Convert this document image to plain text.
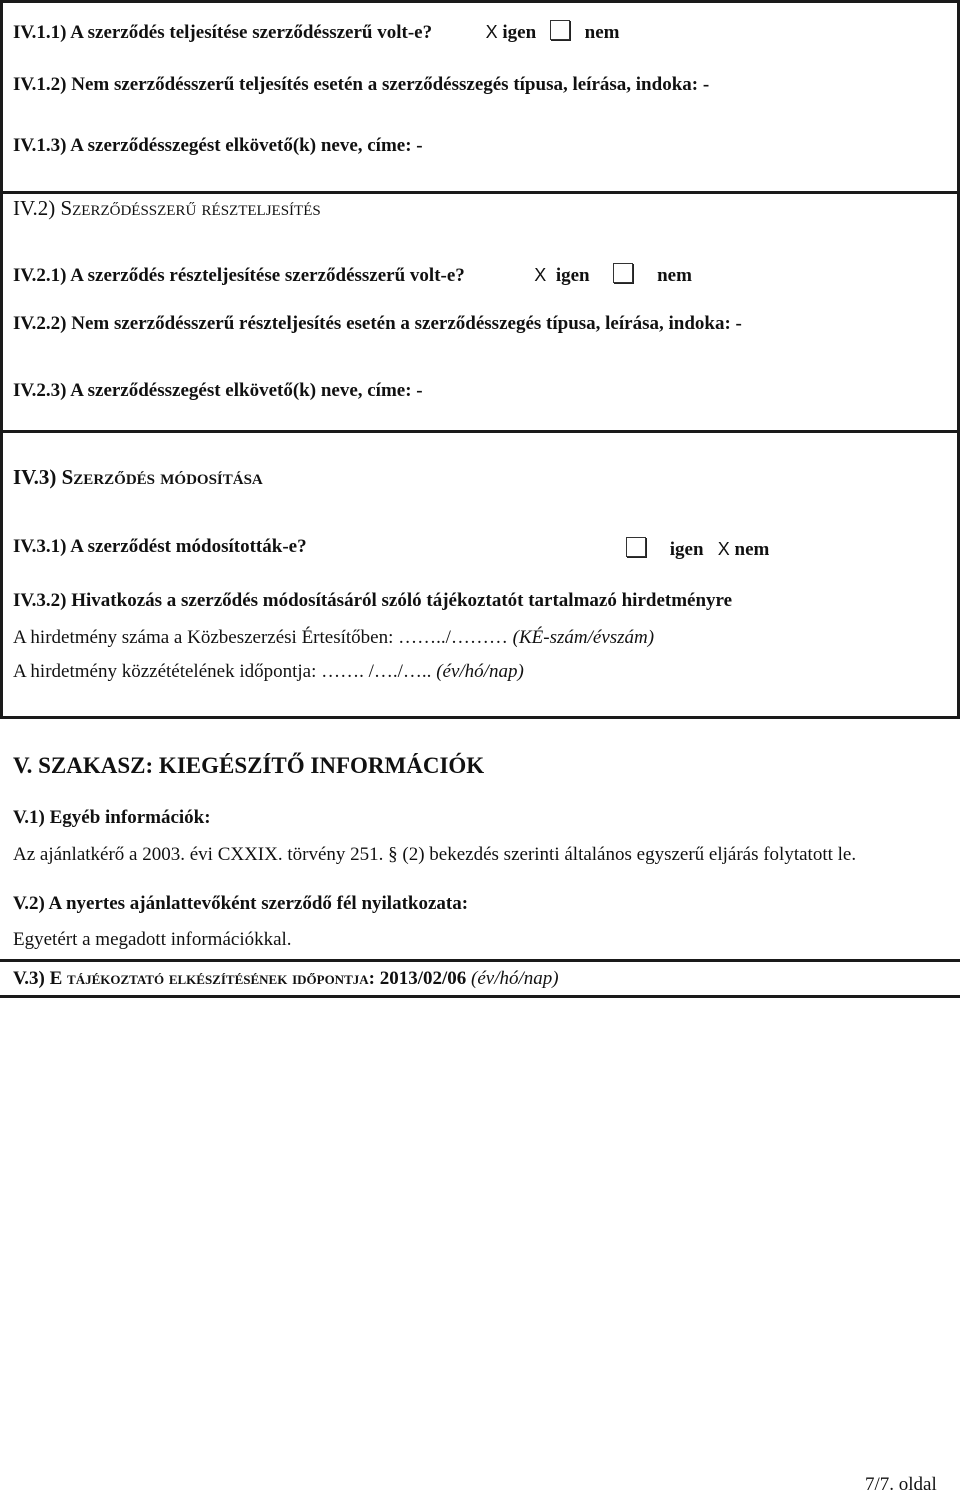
IV.1.1) A szerződés teljesítése szerződésszerű volt-e?	X igen	nem
IV.1.2) Nem szerződésszerű teljesítés esetén a szerződésszegés típusa, leírása, indoka: -
IV.1.3) A szerződésszegést elkövető(k) neve, címe: -
IV.2) Szerződésszerű részteljesítés
IV.2.1) A szerződés részteljesítése szerződésszerű volt-e?	X igen	nem
IV.2.2) Nem szerződésszerű részteljesítés esetén a szerződésszegés típusa, leírása, indoka: -
IV.2.3) A szerződésszegést elkövető(k) neve, címe: -
IV.3) Szerződés módosítása
IV.3.1) A szerződést módosították-e?	igen X nem
IV.3.2) Hivatkozás a szerződés módosításáról szóló tájékoztatót tartalmazó hirdetményre
A hirdetmény száma a Közbeszerzési Értesítőben: ……../……… (KÉ-szám/évszám)
A hirdetmény közzétételének időpontja: ……. /…./….. (év/hó/nap)
V. SZAKASZ: KIEGÉSZÍTŐ INFORMÁCIÓK
V.1) Egyéb információk:
Az ajánlatkérő a 2003. évi CXXIX. törvény 251. § (2) bekezdés szerinti általános egyszerű eljárás folytatott le.
V.2) A nyertes ajánlattevőként szerződő fél nyilatkozata:
Egyetért a megadott információkkal.
V.3) E tájékoztató elkészítésének időpontja: 2013/02/06 (év/hó/nap)
7/7. oldal
